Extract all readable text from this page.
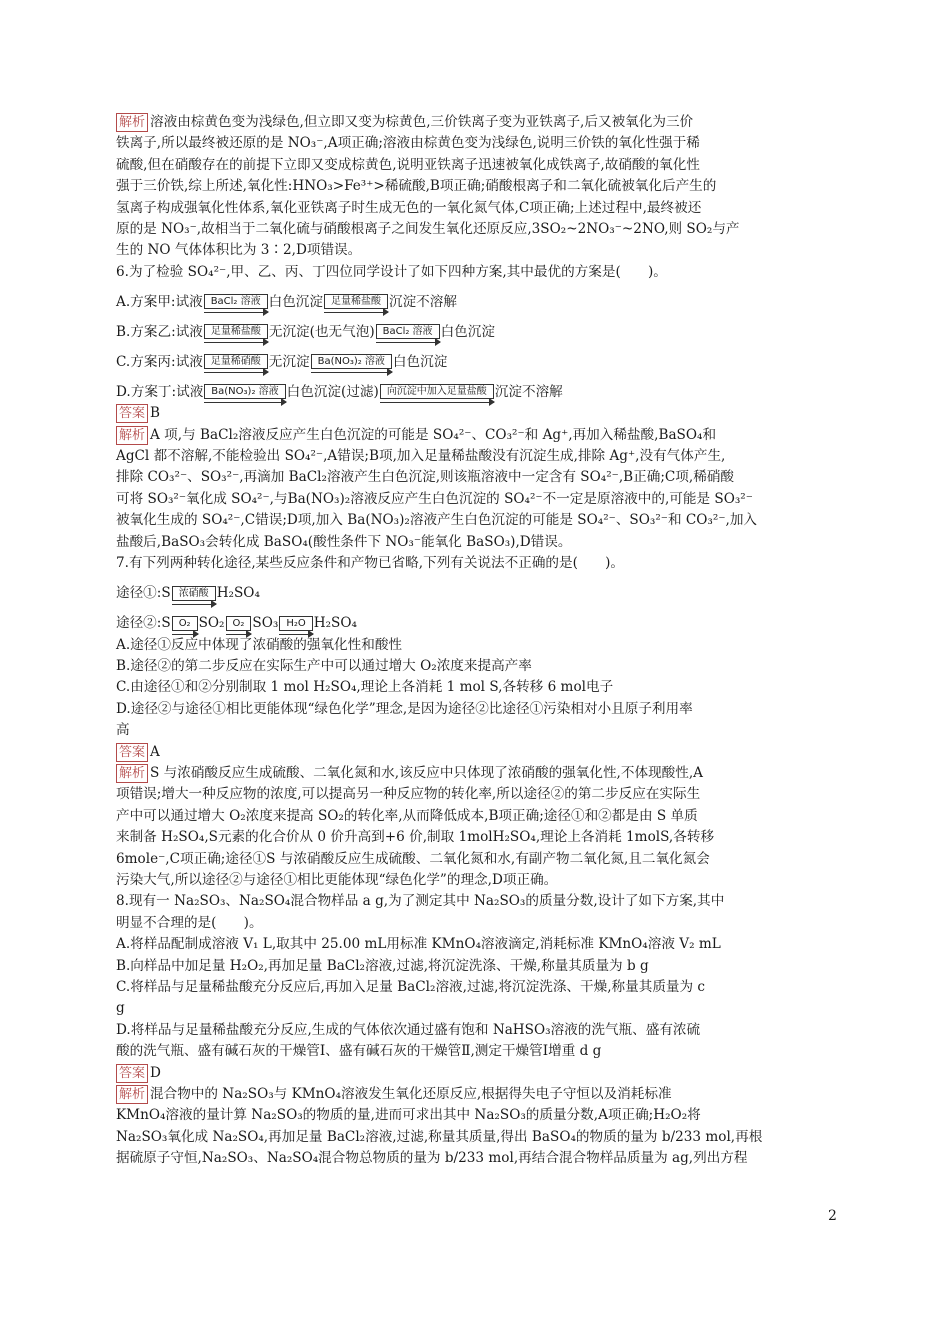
解析 溶液由棕黄色变为浅绿色,但立即又变为棕黄色,三价铁离子变为亚铁离子,后又被氧化为三价

铁离子,所以最终被还原的是 NO₃⁻,A项正确;溶液由棕黄色变为浅绿色,说明三价铁的氧化性强于稀

硫酸,但在硝酸存在的前提下立即又变成棕黄色,说明亚铁离子迅速被氧化成铁离子,故硝酸的氧化性

强于三价铁,综上所述,氧化性:HNO₃>Fe³⁺>稀硫酸,B项正确;硝酸根离子和二氧化硫被氧化后产生的

氢离子构成强氧化性体系,氧化亚铁离子时生成无色的一氧化氮气体,C项正确;上述过程中,最终被还

原的是 NO₃⁻,故相当于二氧化硫与硝酸根离子之间发生氧化还原反应,3SO₂~2NO₃⁻~2NO,则 SO₂与产

生的 NO 气体体积比为 3∶2,D项错误。

6.为了检验 SO₄²⁻,甲、乙、丙、丁四位同学设计了如下四种方案,其中最优的方案是(　　)。

A.方案甲:试液 BaCl₂ 溶液 白色沉淀 足量稀盐酸 沉淀不溶解
B.方案乙:试液 足量稀盐酸 无沉淀(也无气泡) BaCl₂ 溶液 白色沉淀
C.方案丙:试液 足量稀硝酸 无沉淀 Ba(NO₃)₂ 溶液 白色沉淀
D.方案丁:试液 Ba(NO₃)₂ 溶液 白色沉淀(过滤) 向沉淀中加入足量盐酸 沉淀不溶解

答案 B

解析 A 项,与 BaCl₂溶液反应产生白色沉淀的可能是 SO₄²⁻、CO₃²⁻和 Ag⁺,再加入稀盐酸,BaSO₄和

AgCl 都不溶解,不能检验出 SO₄²⁻,A错误;B项,加入足量稀盐酸没有沉淀生成,排除 Ag⁺,没有气体产生,

排除 CO₃²⁻、SO₃²⁻,再滴加 BaCl₂溶液产生白色沉淀,则该瓶溶液中一定含有 SO₄²⁻,B正确;C项,稀硝酸

可将 SO₃²⁻氧化成 SO₄²⁻,与Ba(NO₃)₂溶液反应产生白色沉淀的 SO₄²⁻不一定是原溶液中的,可能是 SO₃²⁻

被氧化生成的 SO₄²⁻,C错误;D项,加入 Ba(NO₃)₂溶液产生白色沉淀的可能是 SO₄²⁻、SO₃²⁻和 CO₃²⁻,加入

盐酸后,BaSO₃会转化成 BaSO₄(酸性条件下 NO₃⁻能氧化 BaSO₃),D错误。

7.有下列两种转化途径,某些反应条件和产物已省略,下列有关说法不正确的是(　　)。

途径①:S 浓硝酸 H₂SO₄
途径②:S O₂ SO₂ O₂ SO₃ H₂O H₂SO₄

A.途径①反应中体现了浓硝酸的强氧化性和酸性

B.途径②的第二步反应在实际生产中可以通过增大 O₂浓度来提高产率

C.由途径①和②分别制取 1 mol H₂SO₄,理论上各消耗 1 mol S,各转移 6 mol电子

D.途径②与途径①相比更能体现“绿色化学”理念,是因为途径②比途径①污染相对小且原子利用率

高

答案 A

解析 S 与浓硝酸反应生成硫酸、二氧化氮和水,该反应中只体现了浓硝酸的强氧化性,不体现酸性,A

项错误;增大一种反应物的浓度,可以提高另一种反应物的转化率,所以途径②的第二步反应在实际生

产中可以通过增大 O₂浓度来提高 SO₂的转化率,从而降低成本,B项正确;途径①和②都是由 S 单质

来制备 H₂SO₄,S元素的化合价从 0 价升高到+6 价,制取 1molH₂SO₄,理论上各消耗 1molS,各转移

6mole⁻,C项正确;途径①S 与浓硝酸反应生成硫酸、二氧化氮和水,有副产物二氧化氮,且二氧化氮会

污染大气,所以途径②与途径①相比更能体现“绿色化学”的理念,D项正确。

8.现有一 Na₂SO₃、Na₂SO₄混合物样品 a g,为了测定其中 Na₂SO₃的质量分数,设计了如下方案,其中

明显不合理的是(　　)。

A.将样品配制成溶液 V₁ L,取其中 25.00 mL用标准 KMnO₄溶液滴定,消耗标准 KMnO₄溶液 V₂ mL

B.向样品中加足量 H₂O₂,再加足量 BaCl₂溶液,过滤,将沉淀洗涤、干燥,称量其质量为 b g

C.将样品与足量稀盐酸充分反应后,再加入足量 BaCl₂溶液,过滤,将沉淀洗涤、干燥,称量其质量为 c

g

D.将样品与足量稀盐酸充分反应,生成的气体依次通过盛有饱和 NaHSO₃溶液的洗气瓶、盛有浓硫

酸的洗气瓶、盛有碱石灰的干燥管Ⅰ、盛有碱石灰的干燥管Ⅱ,测定干燥管Ⅰ增重 d g

答案 D

解析 混合物中的 Na₂SO₃与 KMnO₄溶液发生氧化还原反应,根据得失电子守恒以及消耗标准

KMnO₄溶液的量计算 Na₂SO₃的物质的量,进而可求出其中 Na₂SO₃的质量分数,A项正确;H₂O₂将

Na₂SO₃氧化成 Na₂SO₄,再加足量 BaCl₂溶液,过滤,称量其质量,得出 BaSO₄的物质的量为 b/233 mol,再根

据硫原子守恒,Na₂SO₃、Na₂SO₄混合物总物质的量为 b/233 mol,再结合混合物样品质量为 ag,列出方程

2
